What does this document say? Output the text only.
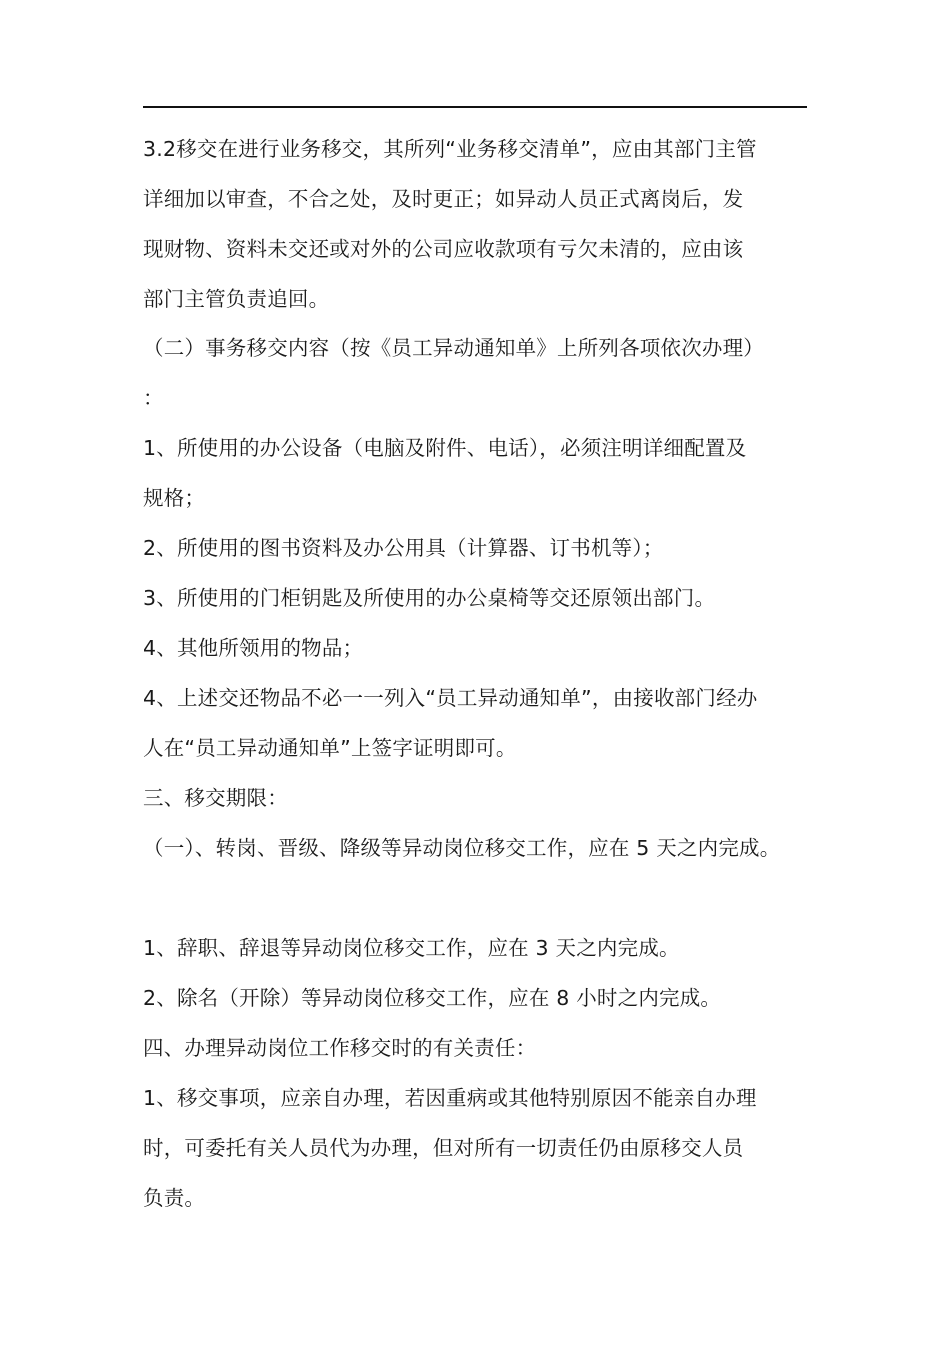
3.2移交在进行业务移交，其所列“业务移交清单”，应由其部门主管
详细加以审查，不合之处，及时更正；如异动人员正式离岗后，发
现财物、资料未交还或对外的公司应收款项有亏欠未清的，应由该
部门主管负责追回。
（二）事务移交内容（按《员工异动通知单》上所列各项依次办理）
：
1、所使用的办公设备（电脑及附件、电话），必须注明详细配置及
规格；
2、所使用的图书资料及办公用具（计算器、订书机等）；
3、所使用的门柜钥匙及所使用的办公桌椅等交还原领出部门。
4、其他所领用的物品；
4、上述交还物品不必一一列入“员工异动通知单”，由接收部门经办
人在“员工异动通知单”上签字证明即可。
三、移交期限：
（一）、转岗、晋级、降级等异动岗位移交工作，应在 5 天之内完成。
1、辞职、辞退等异动岗位移交工作，应在 3 天之内完成。
2、除名（开除）等异动岗位移交工作，应在 8 小时之内完成。
四、办理异动岗位工作移交时的有关责任：
1、移交事项，应亲自办理，若因重病或其他特别原因不能亲自办理
时，可委托有关人员代为办理，但对所有一切责任仍由原移交人员
负责。
